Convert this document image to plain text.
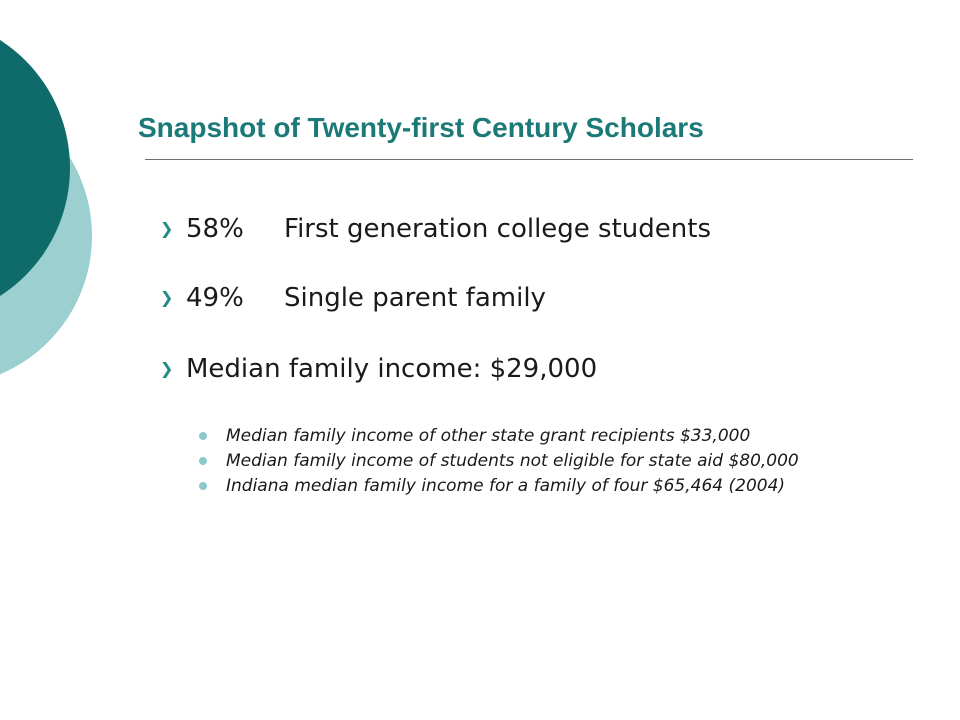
Snapshot of Twenty-first Century Scholars
❯ 58%	First generation college students
❯ 49%	Single parent family
❯ Median family income: $29,000
Median family income of other state grant recipients $33,000
Median family income of students not eligible for state aid $80,000
Indiana median family income for a family of four $65,464 (2004)
